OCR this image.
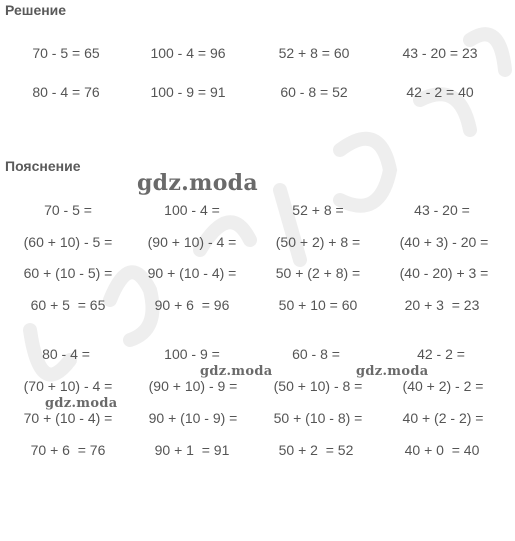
Решение
70 - 5 = 65	100 - 4 = 96	52 + 8 = 60	43 - 20 = 23
80 - 4 = 76	100 - 9 = 91	60 - 8 = 52	42 - 2 = 40
Пояснение
gdz.moda
70 - 5 =	100 - 4 =	52 + 8 =	43 - 20 =
(60 + 10) - 5 =	(90 + 10) - 4 =	(50 + 2) + 8 =	(40 + 3) - 20 =
60 + (10 - 5) =	90 + (10 - 4) =	50 + (2 + 8) =	(40 - 20) + 3 =
60 + 5  = 65	90 + 6  = 96	50 + 10 = 60	20 + 3  = 23
80 - 4 =	100 - 9 =	60 - 8 =	42 - 2 =
(70 + 10) - 4 =	(90 + 10) - 9 =	(50 + 10) - 8 =	(40 + 2) - 2 =
70 + (10 - 4) =	90 + (10 - 9) =	50 + (10 - 8) =	40 + (2 - 2) =
70 + 6  = 76	90 + 1  = 91	50 + 2  = 52	40 + 0  = 40
gdz.moda	gdz.moda
gdz.moda
